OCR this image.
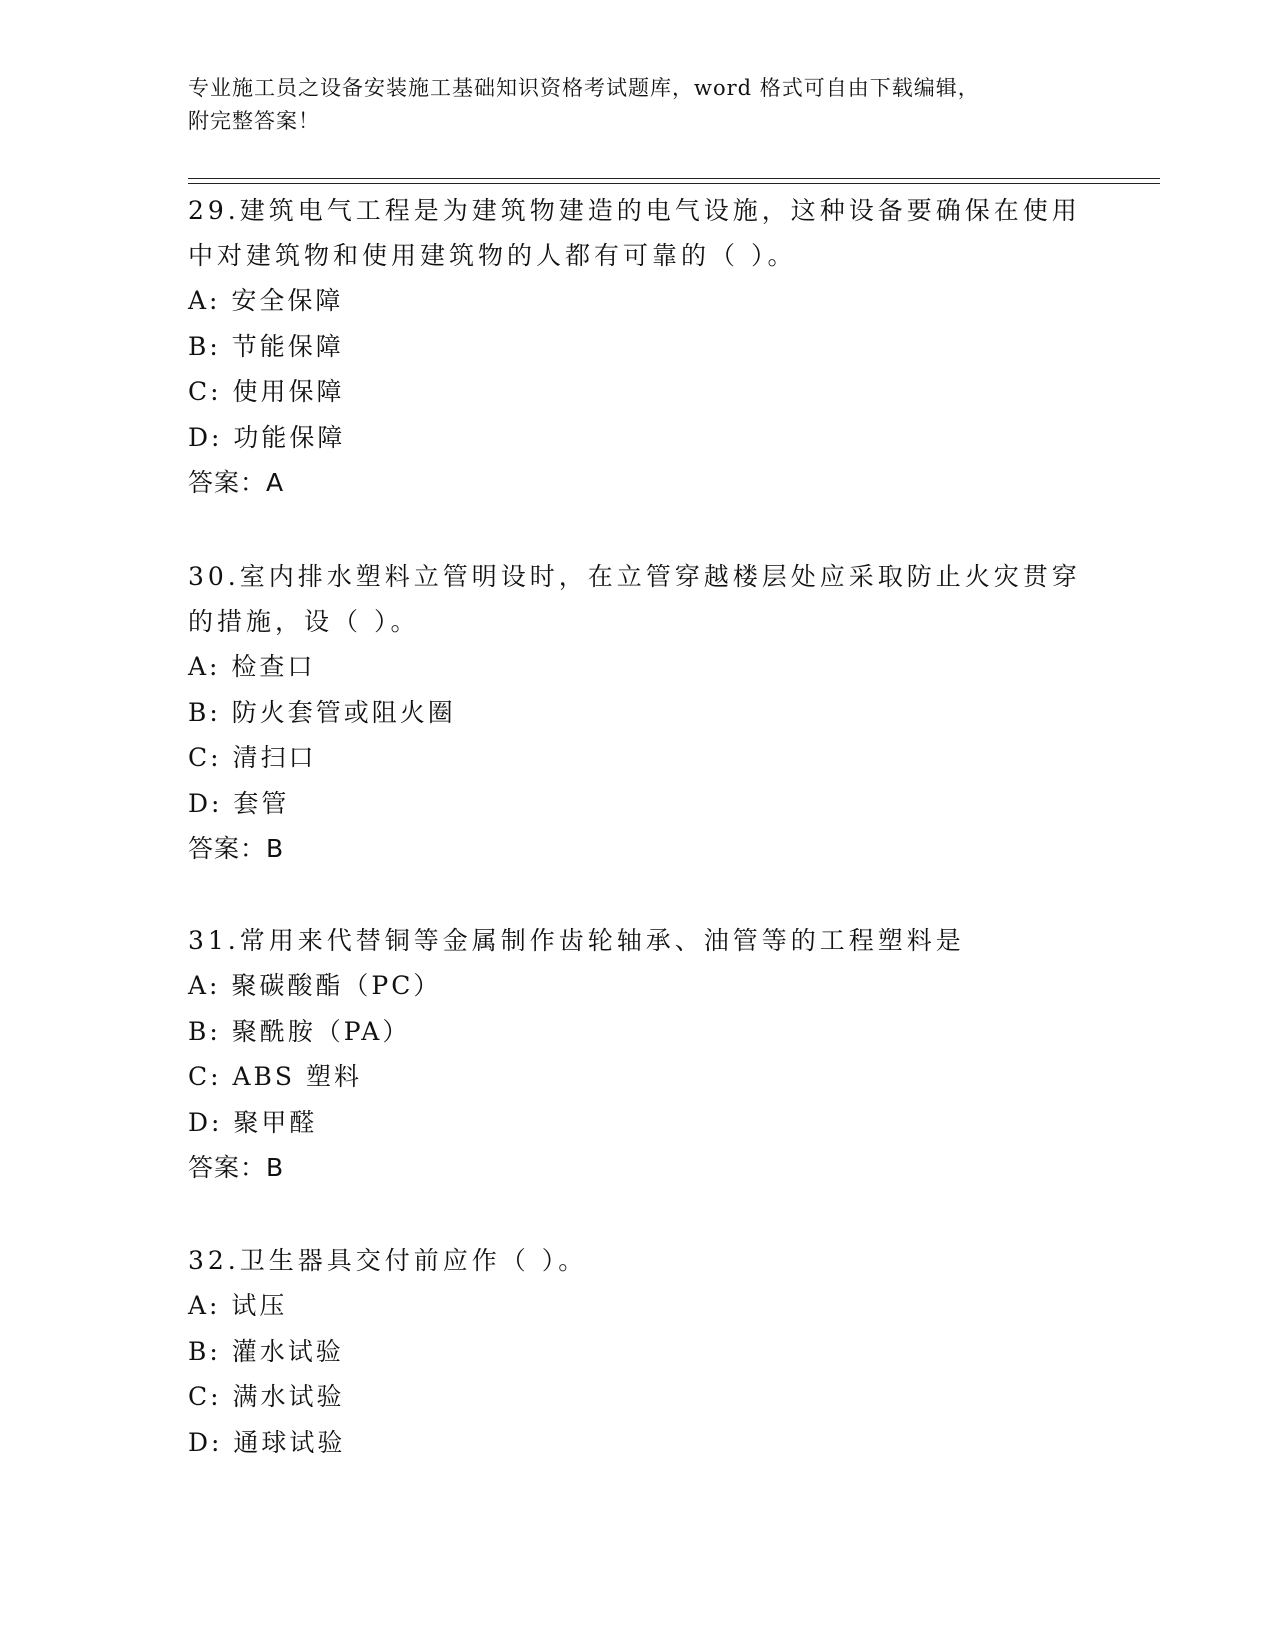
专业施工员之设备安装施工基础知识资格考试题库，word 格式可自由下载编辑，
附完整答案！
29.建筑电气工程是为建筑物建造的电气设施，这种设备要确保在使用
中对建筑物和使用建筑物的人都有可靠的（ ）。
A: 安全保障
B: 节能保障
C: 使用保障
D: 功能保障
答案：A
30.室内排水塑料立管明设时，在立管穿越楼层处应采取防止火灾贯穿
的措施，设（ ）。
A: 检查口
B: 防火套管或阻火圈
C: 清扫口
D: 套管
答案：B
31.常用来代替铜等金属制作齿轮轴承、油管等的工程塑料是
A: 聚碳酸酯（PC）
B: 聚酰胺（PA）
C: ABS 塑料
D: 聚甲醛
答案：B
32.卫生器具交付前应作（ ）。
A: 试压
B: 灌水试验
C: 满水试验
D: 通球试验
